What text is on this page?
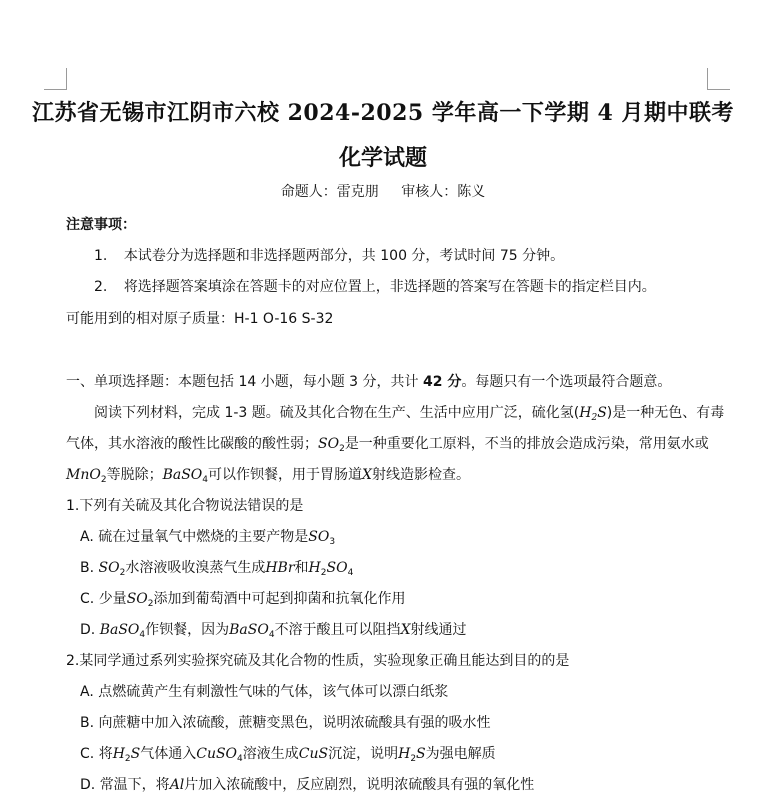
江苏省无锡市江阴市六校 2024-2025 学年高一下学期 4 月期中联考
化学试题
命题人：雷克朋 审核人：陈义
注意事项：
1. 本试卷分为选择题和非选择题两部分，共 100 分，考试时间 75 分钟。
2. 将选择题答案填涂在答题卡的对应位置上，非选择题的答案写在答题卡的指定栏目内。
可能用到的相对原子质量：H-1 O-16 S-32
一、单项选择题：本题包括 14 小题，每小题 3 分，共计 42 分。每题只有一个选项最符合题意。
阅读下列材料，完成 1-3 题。硫及其化合物在生产、生活中应用广泛，硫化氢$(H_2S)$是一种无色、有毒
气体，其水溶液的酸性比碳酸的酸性弱；$SO_2$是一种重要化工原料，不当的排放会造成污染，常用氨水或
MnO$_2$等脱除；BaSO$_4$可以作钡餐，用于胃肠道X射线造影检查。
1.下列有关硫及其化合物说法错误的是
A. 硫在过量氧气中燃烧的主要产物是$SO_3$
B. $SO_2$水溶液吸收溴蒸气生成HBr和$H_2SO_4$
C. 少量$SO_2$添加到葡萄酒中可起到抑菌和抗氧化作用
D. BaSO$_4$作钡餐，因为BaSO$_4$不溶于酸且可以阻挡X射线通过
2.某同学通过系列实验探究硫及其化合物的性质，实验现象正确且能达到目的的是
A. 点燃硫黄产生有刺激性气味的气体，该气体可以漂白纸浆
B. 向蔗糖中加入浓硫酸，蔗糖变黑色，说明浓硫酸具有强的吸水性
C. 将$H_2S$气体通入CuSO$_4$溶液生成CuS沉淀，说明$H_2S$为强电解质
D. 常温下，将Al片加入浓硫酸中，反应剧烈，说明浓硫酸具有强的氧化性
